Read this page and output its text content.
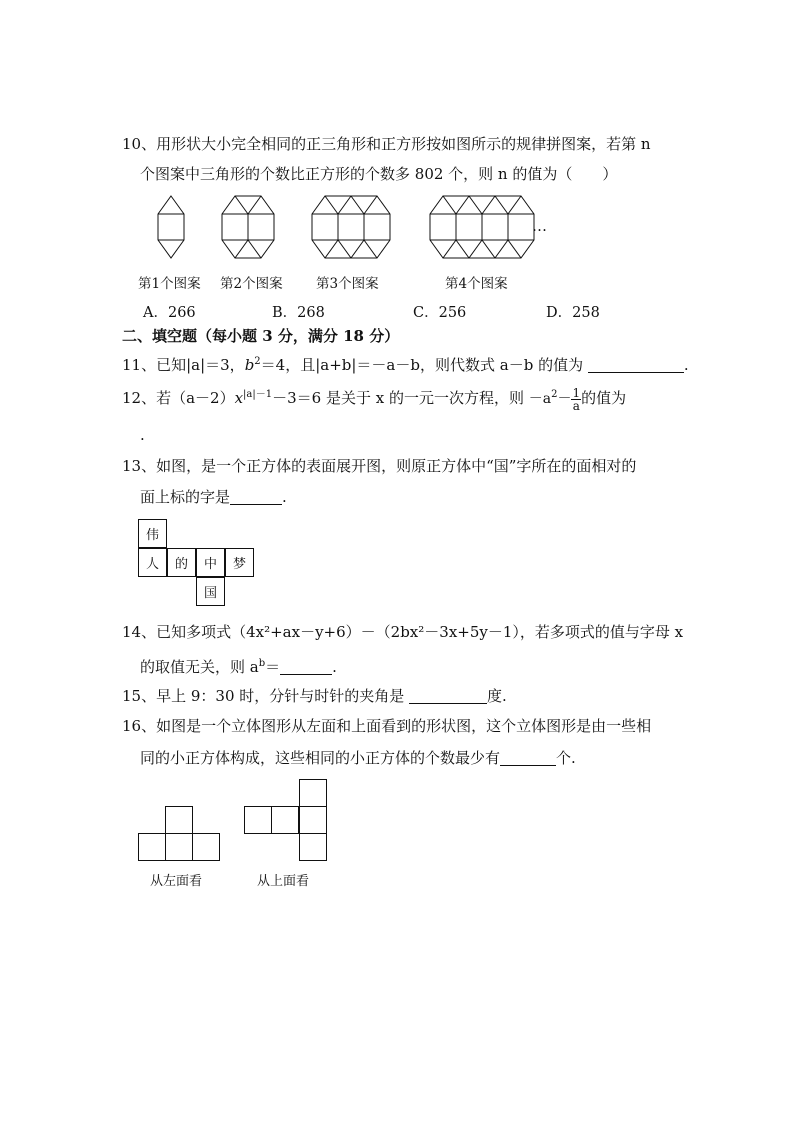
10、用形状大小完全相同的正三角形和正方形按如图所示的规律拼图案，若第 n
个图案中三角形的个数比正方形的个数多 802 个，则 n 的值为（　　）
…
第1个图案 第2个图案 第3个图案	第4个图案
A．266	B．268	C．256	D．258
二、填空题（每小题 3 分，满分 18 分）
11、已知|a|＝3，$b^2=4$，且|a+b|＝－a－b，则代数式 a－b 的值为	.
12、若$(a-2)x^{|a|-1}-3=6$ 是关于 x 的一元一次方程，则 $-a^2- \frac{1}{a}$ 的值为
.
13、如图，是一个正方体的表面展开图，则原正方体中“国”字所在的面相对的
面上标的字是	.
伟
人	的	中	梦
国
14、已知多项式（4x²+ax－y+6）－（2bx²－3x+5y－1），若多项式的值与字母 x
的取值无关，则 $a^b=$	.
15、早上 9：30 时，分针与时针的夹角是	度.
16、如图是一个立体图形从左面和上面看到的形状图，这个立体图形是由一些相
同的小正方体构成，这些相同的小正方体的个数最少有	个.
从左面看	从上面看
